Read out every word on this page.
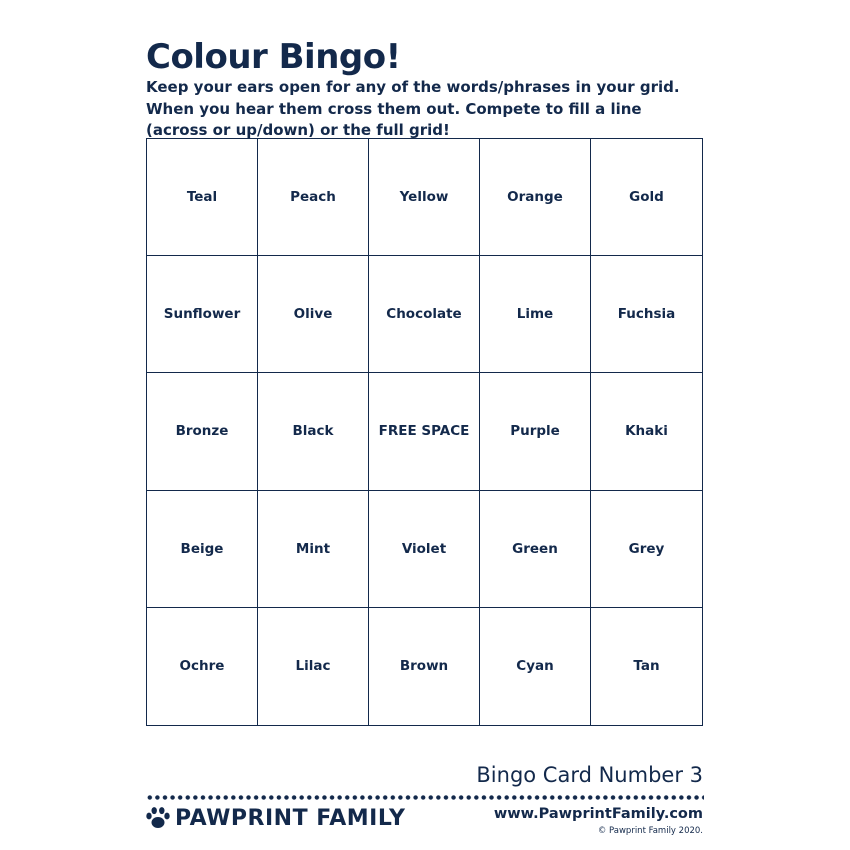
Colour Bingo!

Keep your ears open for any of the words/phrases in your grid. When you hear them cross them out. Compete to fill a line (across or up/down) or the full grid!

Teal	Peach	Yellow	Orange	Gold
Sunflower	Olive	Chocolate	Lime	Fuchsia
Bronze	Black	FREE SPACE	Purple	Khaki
Beige	Mint	Violet	Green	Grey
Ochre	Lilac	Brown	Cyan	Tan
Bingo Card Number 3
PAWPRINT FAMILY	www.PawprintFamily.com
© Pawprint Family 2020.
